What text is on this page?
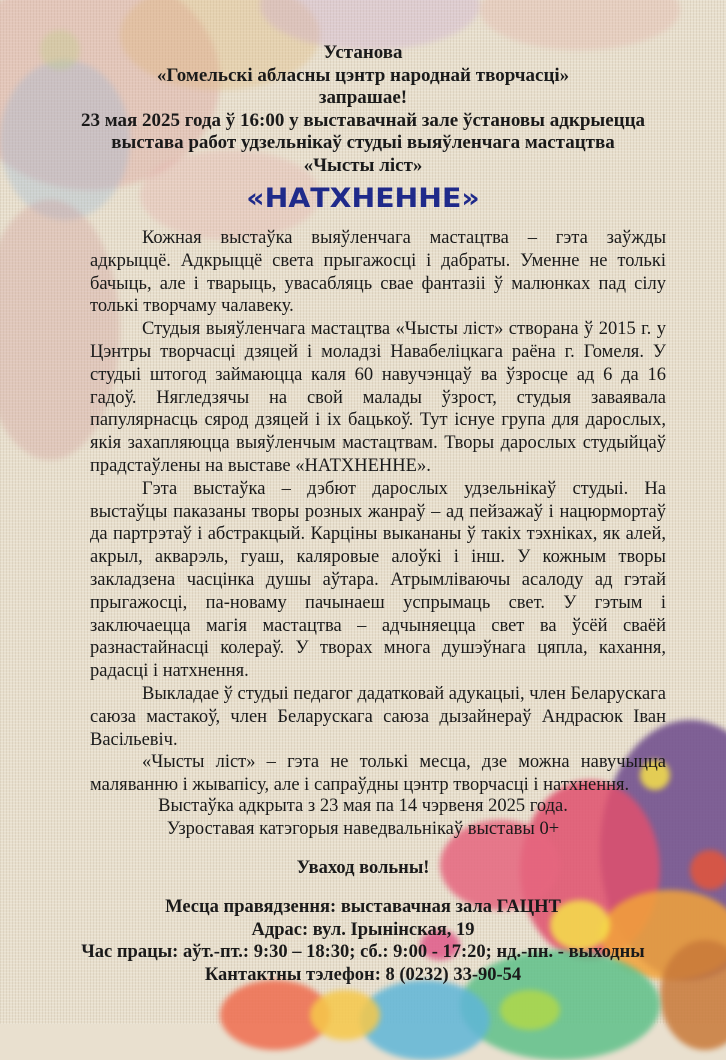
Установа
«Гомельскі абласны цэнтр народнай творчасці»
запрашае!
23 мая 2025 года ў 16:00 у выставачнай зале ўстановы адкрыецца
выстава работ удзельнікаў студыі выяўленчага мастацтва
«Чысты ліст»
«НАТХНЕННЕ»

Кожная выстаўка выяўленчага мастацтва – гэта заўжды адкрыццё. Адкрыццё света прыгажосці і дабраты. Уменне не толькі бачыць, але і тварыць, увасабляць свае фантазіі ў малюнках пад сілу толькі творчаму чалавеку.

Студыя выяўленчага мастацтва «Чысты ліст» створана ў 2015 г. у Цэнтры творчасці дзяцей і моладзі Навабеліцкага раёна г. Гомеля. У студыі штогод займаюцца каля 60 навучэнцаў ва ўзросце ад 6 да 16 гадоў. Нягледзячы на свой малады ўзрост, студыя заваявала папулярнасць сярод дзяцей і іх бацькоў. Тут існуе група для дарослых, якія захапляюцца выяўленчым мастацтвам. Творы дарослых студыйцаў прадстаўлены на выставе «НАТХНЕННЕ».

Гэта выстаўка – дэбют дарослых удзельнікаў студыі. На выстаўцы паказаны творы розных жанраў – ад пейзажаў і нацюрмортаў да партрэтаў і абстракцый. Карціны выкананы ў такіх тэхніках, як алей, акрыл, акварэль, гуаш, каляровые алоўкі і інш. У кожным творы закладзена часцінка душы аўтара. Атрымліваючы асалоду ад гэтай прыгажосці, па-новаму пачынаеш успрымаць свет. У гэтым і заключаецца магія мастацтва – адчыняецца свет ва ўсёй сваёй разнастайнасці колераў. У творах многа душэўнага цяпла, кахання, радасці і натхнення.

Выкладае ў студыі педагог дадатковай адукацыі, член Беларускага саюза мастакоў, член Беларускага саюза дызайнераў Андрасюк Іван Васільевіч.

«Чысты ліст» – гэта не толькі месца, дзе можна навучыцца маляванню і жывапісу, але і сапраўдны цэнтр творчасці і натхнення.

Выстаўка адкрыта з 23 мая па 14 чэрвеня 2025 года.
Узроставая катэгорыя наведвальнікаў выставы 0+
Уваход вольны!
Месца правядзення: выставачная зала ГАЦНТ
Адрас: вул. Ірынінская, 19
Час працы: аўт.-пт.: 9:30 – 18:30; сб.: 9:00 - 17:20; нд.-пн. - выходны
Кантактны тэлефон: 8 (0232) 33-90-54
